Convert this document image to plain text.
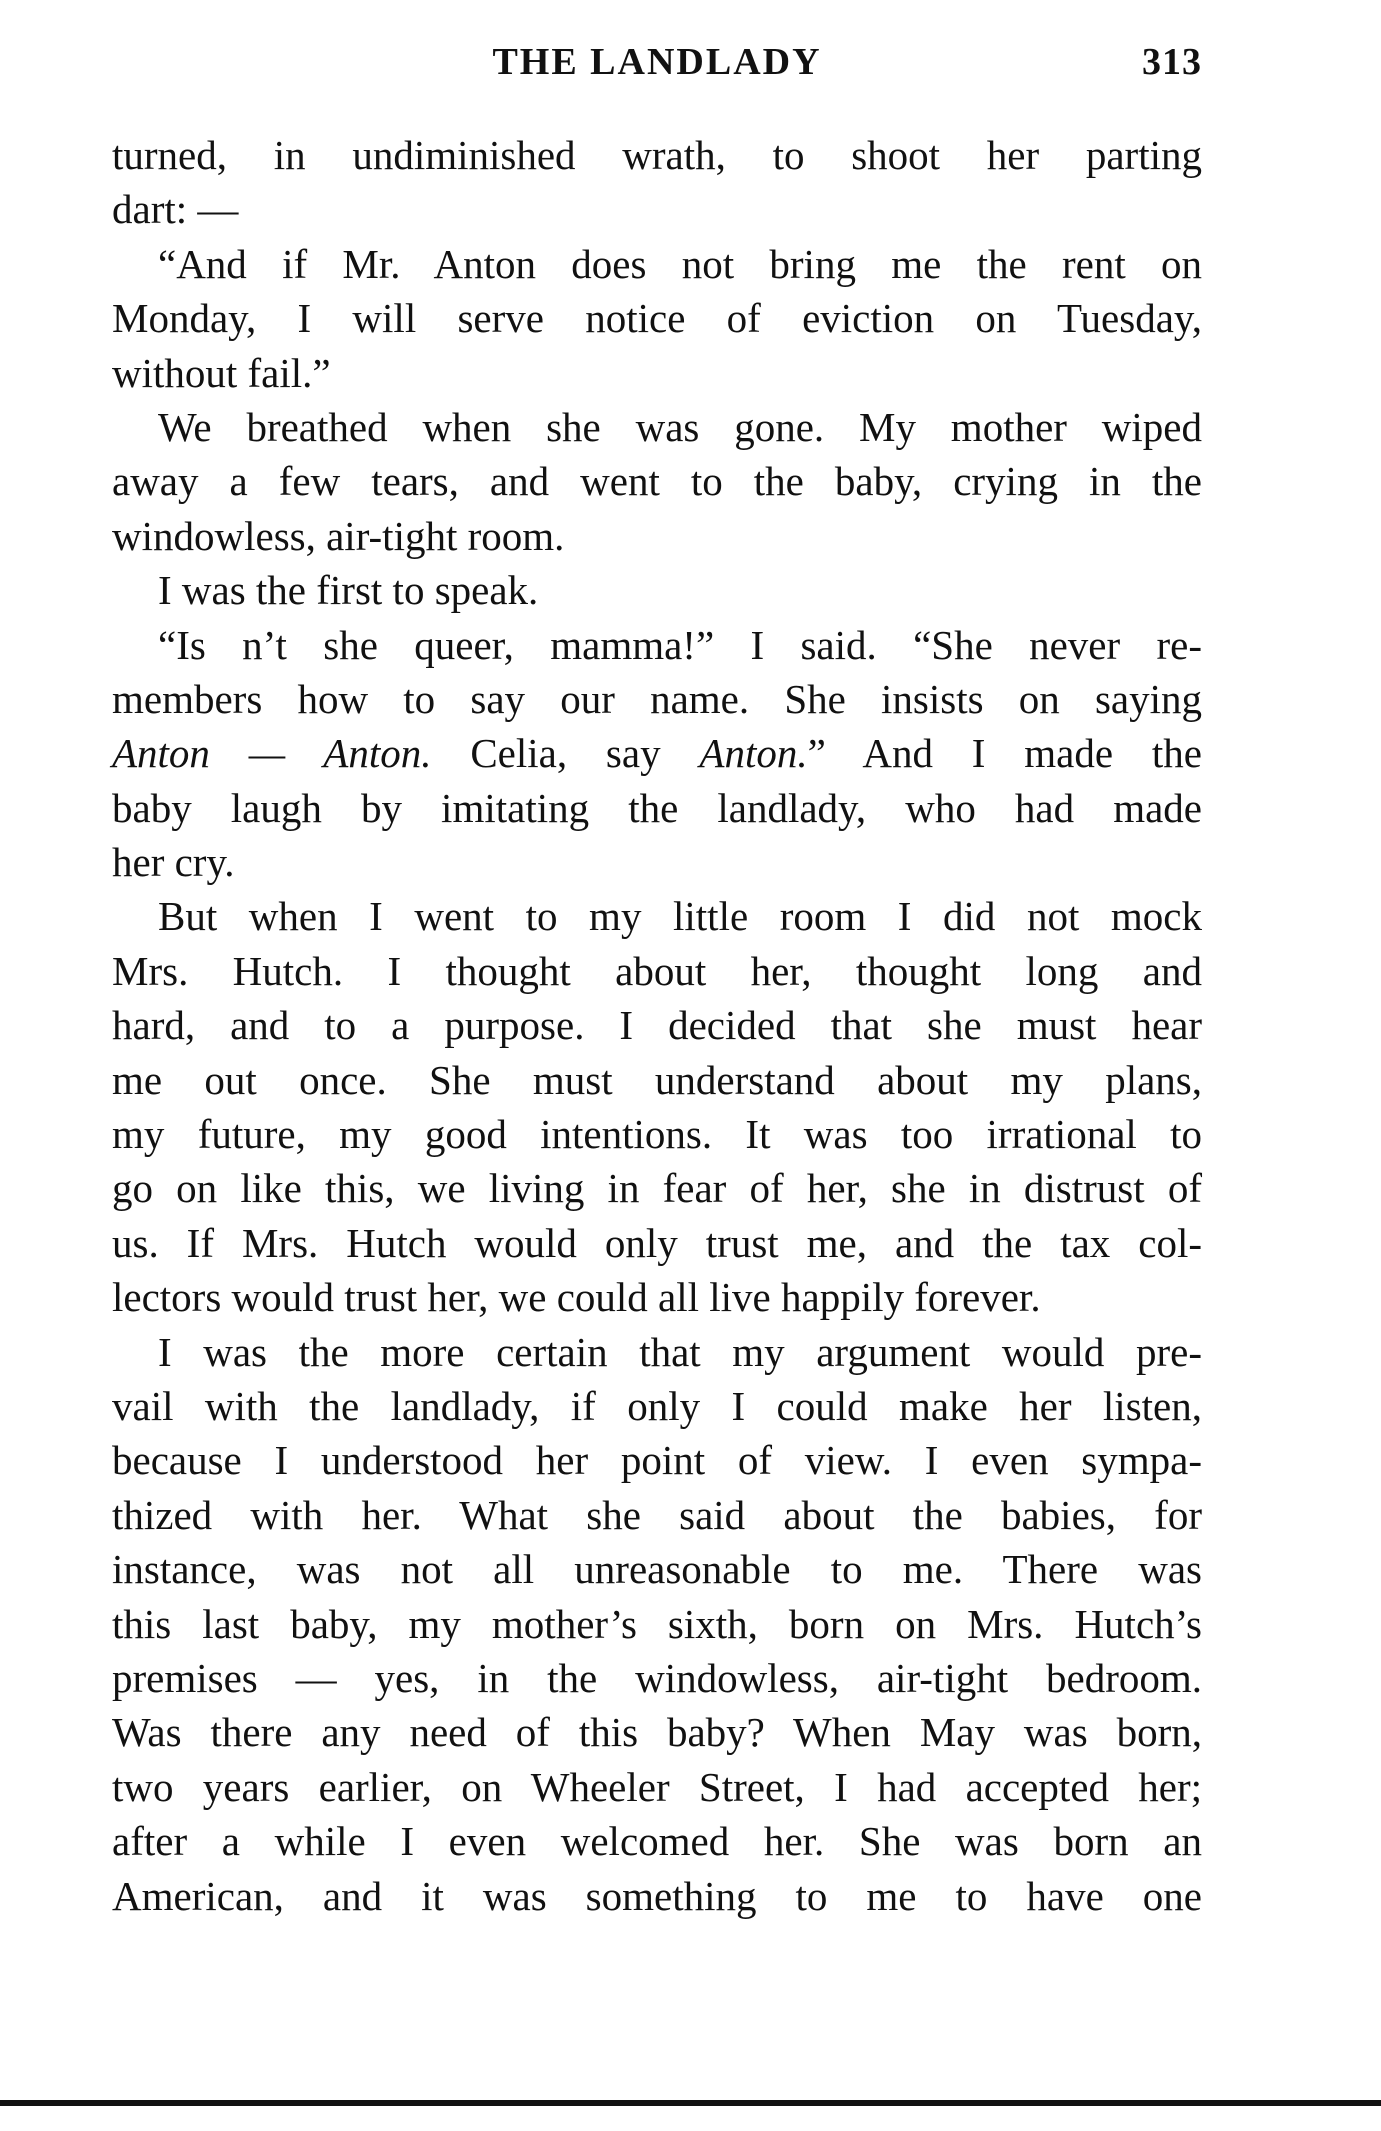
THE LANDLADY	313
turned, in undiminished wrath, to shoot her parting
dart: —
“And if Mr. Anton does not bring me the rent on
Monday, I will serve notice of eviction on Tuesday,
without fail.”
We breathed when she was gone. My mother wiped
away a few tears, and went to the baby, crying in the
windowless, air-tight room.
I was the first to speak.
“Is n’t she queer, mamma!” I said. “She never re-
members how to say our name. She insists on saying
Anton — Anton. Celia, say Anton.” And I made the
baby laugh by imitating the landlady, who had made
her cry.
But when I went to my little room I did not mock
Mrs. Hutch. I thought about her, thought long and
hard, and to a purpose. I decided that she must hear
me out once. She must understand about my plans,
my future, my good intentions. It was too irrational to
go on like this, we living in fear of her, she in distrust of
us. If Mrs. Hutch would only trust me, and the tax col-
lectors would trust her, we could all live happily forever.
I was the more certain that my argument would pre-
vail with the landlady, if only I could make her listen,
because I understood her point of view. I even sympa-
thized with her. What she said about the babies, for
instance, was not all unreasonable to me. There was
this last baby, my mother’s sixth, born on Mrs. Hutch’s
premises — yes, in the windowless, air-tight bedroom.
Was there any need of this baby? When May was born,
two years earlier, on Wheeler Street, I had accepted her;
after a while I even welcomed her. She was born an
American, and it was something to me to have one
